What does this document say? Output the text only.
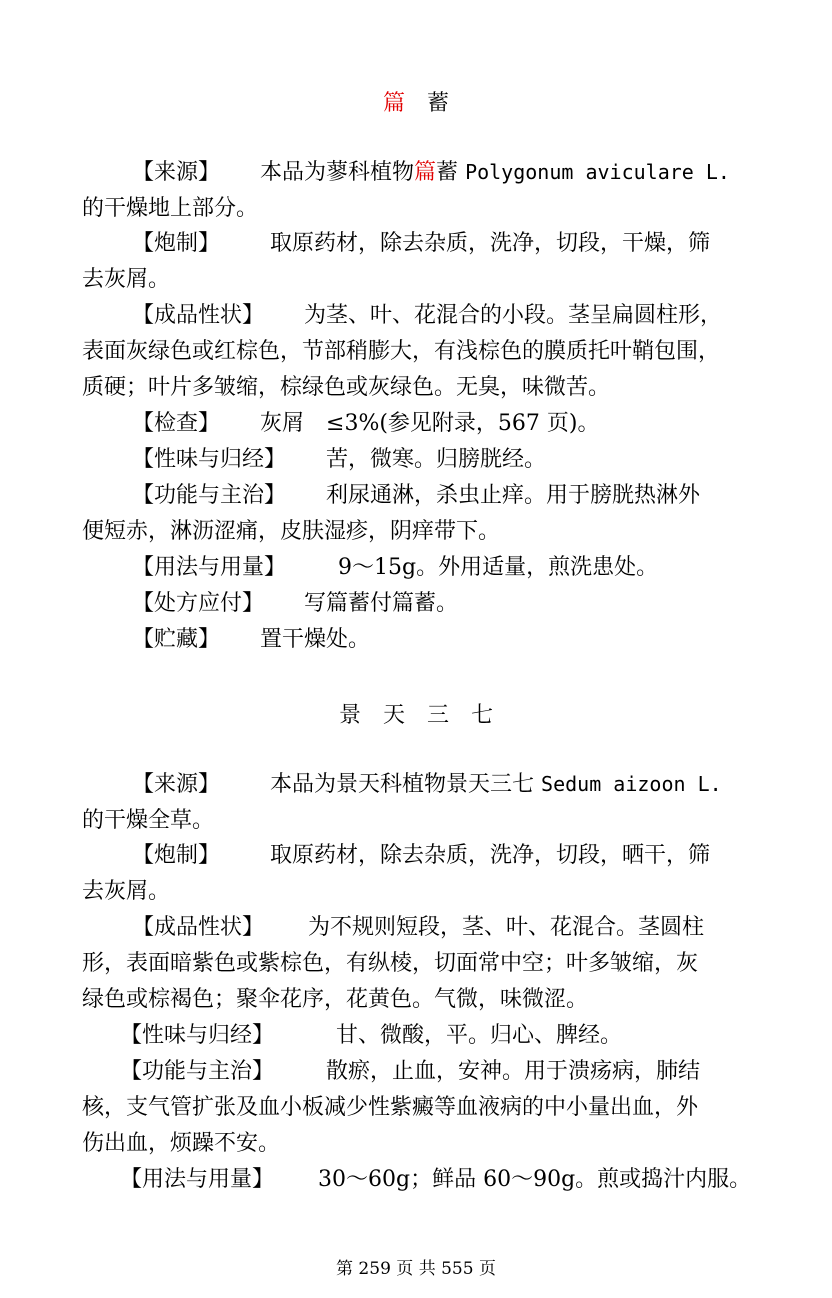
篇 蓄
【来源】 本品为蓼科植物篇蓄 Polygonum aviculare L.
的干燥地上部分。
【炮制】 取原药材，除去杂质，洗净，切段，干燥，筛
去灰屑。
【成品性状】 为茎、叶、花混合的小段。茎呈扁圆柱形，
表面灰绿色或红棕色，节部稍膨大，有浅棕色的膜质托叶鞘包围，
质硬；叶片多皱缩，棕绿色或灰绿色。无臭，味微苦。
【检查】 灰屑　≤3%(参见附录，567 页)。
【性味与归经】 苦，微寒。归膀胱经。
【功能与主治】 利尿通淋，杀虫止痒。用于膀胱热淋外
便短赤，淋沥涩痛，皮肤湿疹，阴痒带下。
【用法与用量】 9～15g。外用适量，煎洗患处。
【处方应付】 写篇蓄付篇蓄。
【贮藏】 置干燥处。
景 天 三 七
【来源】 本品为景天科植物景天三七 Sedum aizoon L.
的干燥全草。
【炮制】 取原药材，除去杂质，洗净，切段，晒干，筛
去灰屑。
【成品性状】 为不规则短段，茎、叶、花混合。茎圆柱
形，表面暗紫色或紫棕色，有纵棱，切面常中空；叶多皱缩，灰
绿色或棕褐色；聚伞花序，花黄色。气微，味微涩。
【性味与归经】	甘、微酸，平。归心、脾经。
【功能与主治】 散瘀，止血，安神。用于溃疡病，肺结
核，支气管扩张及血小板减少性紫癜等血液病的中小量出血，外
伤出血，烦躁不安。
【用法与用量】 30～60g；鲜品 60～90g。煎或捣汁内服。
第 259 页 共 555 页
